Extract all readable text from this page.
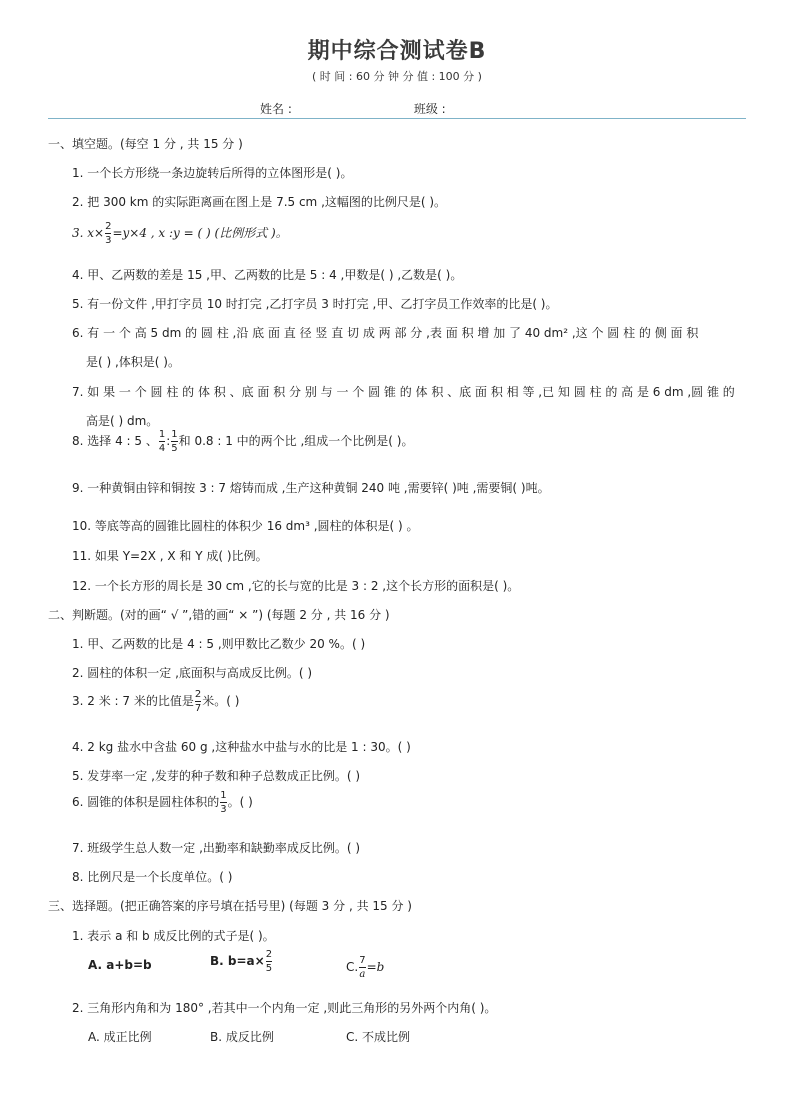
期中综合测试卷B
( 时 间 : 60 分 钟 分 值 : 100 分 )
姓名 :	班级 :
一、填空题。(每空 1 分 , 共 15 分 )
1. 一个长方形绕一条边旋转后所得的立体图形是( )。
2. 把 300 km 的实际距离画在图上是 7.5 cm ,这幅图的比例尺是( )。
3. $x\times \frac{2}{3} =y\times 4$ , x :y = ( ) (比例形式 )。
4. 甲、乙两数的差是 15 ,甲、乙两数的比是 5 : 4 ,甲数是( ) ,乙数是( )。
5. 有一份文件 ,甲打字员 10 时打完 ,乙打字员 3 时打完 ,甲、乙打字员工作效率的比是( )。
6. 有 一 个 高 5 dm 的 圆 柱 ,沿 底 面 直 径 竖 直 切 成 两 部 分 ,表 面 积 增 加 了 40 dm² ,这 个 圆 柱 的 侧 面 积
是( ) ,体积是( )。
7. 如 果 一 个 圆 柱 的 体 积 、底 面 积 分 别 与 一 个 圆 锥 的 体 积 、底 面 积 相 等 ,已 知 圆 柱 的 高 是 6 dm ,圆 锥 的
高是( ) dm。
8. 选择 4 : 5 、 $\frac{1}{4}$ : $\frac{1}{5}$ 和 0.8 : 1 中的两个比 ,组成一个比例是( )。
9. 一种黄铜由锌和铜按 3 : 7 熔铸而成 ,生产这种黄铜 240 吨 ,需要锌( )吨 ,需要铜( )吨。
10. 等底等高的圆锥比圆柱的体积少 16 dm³ ,圆柱的体积是( ) 。
11. 如果 Y=2X , X 和 Y 成( )比例。
12. 一个长方形的周长是 30 cm ,它的长与宽的比是 3 : 2 ,这个长方形的面积是( )。
二、判断题。(对的画“ √ ”,错的画“ × ”) (每题 2 分 , 共 16 分 )
1. 甲、乙两数的比是 4 : 5 ,则甲数比乙数少 20 %。( )
2. 圆柱的体积一定 ,底面积与高成反比例。( )
3. 2 米 : 7 米的比值是 $\frac{2}{7}$ 米。( )
4. 2 kg 盐水中含盐 60 g ,这种盐水中盐与水的比是 1 : 30。( )
5. 发芽率一定 ,发芽的种子数和种子总数成正比例。( )
6. 圆锥的体积是圆柱体积的 $\frac{1}{3}$ 。( )
7. 班级学生总人数一定 ,出勤率和缺勤率成反比例。( )
8. 比例尺是一个长度单位。( )
三、选择题。(把正确答案的序号填在括号里) (每题 3 分 , 共 15 分 )
1. 表示 a 和 b 成反比例的式子是( )。
A. a+b=b	B. $b=a\times \frac{2}{5}$	C. $\frac{7}{a} =b$
2. 三角形内角和为 180° ,若其中一个内角一定 ,则此三角形的另外两个内角( )。
A. 成正比例	B. 成反比例	C. 不成比例
